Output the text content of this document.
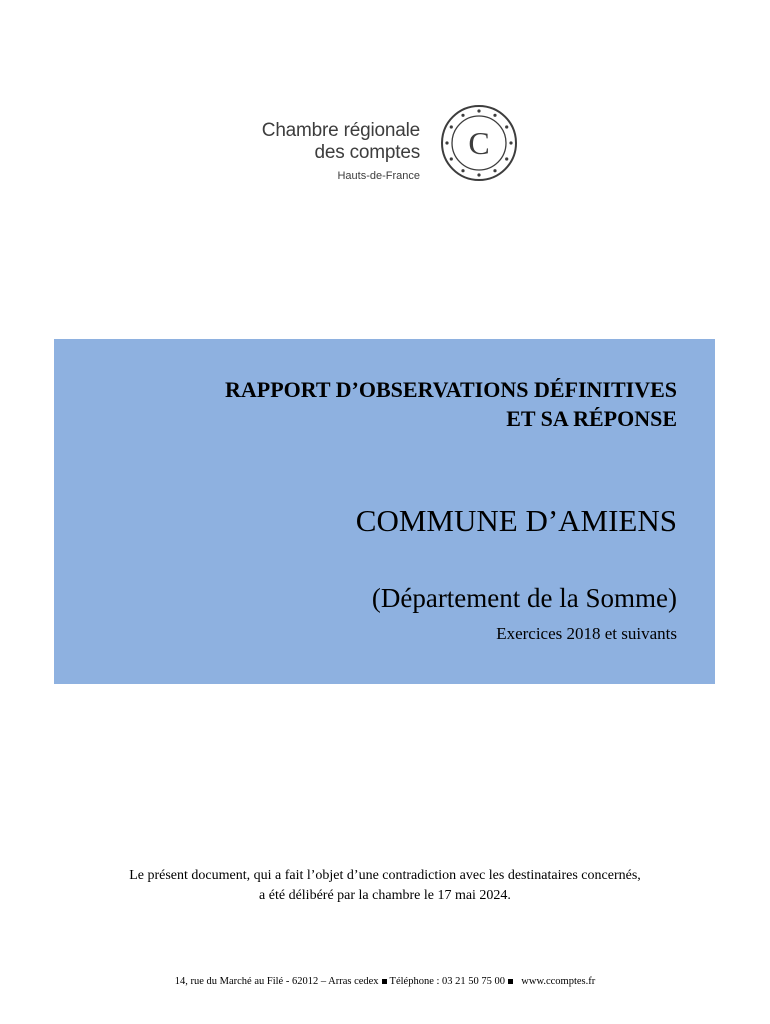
Chambre régionale
des comptes
Hauts-de-France
C
RAPPORT D’OBSERVATIONS DÉFINITIVES
ET SA RÉPONSE
COMMUNE D’AMIENS

(Département de la Somme)

Exercices 2018 et suivants

Le présent document, qui a fait l’objet d’une contradiction avec les destinataires concernés,
a été délibéré par la chambre le 17 mai 2024.
14, rue du Marché au Filé - 62012 – Arras cedex Téléphone : 03 21 50 75 00 www.ccomptes.fr
